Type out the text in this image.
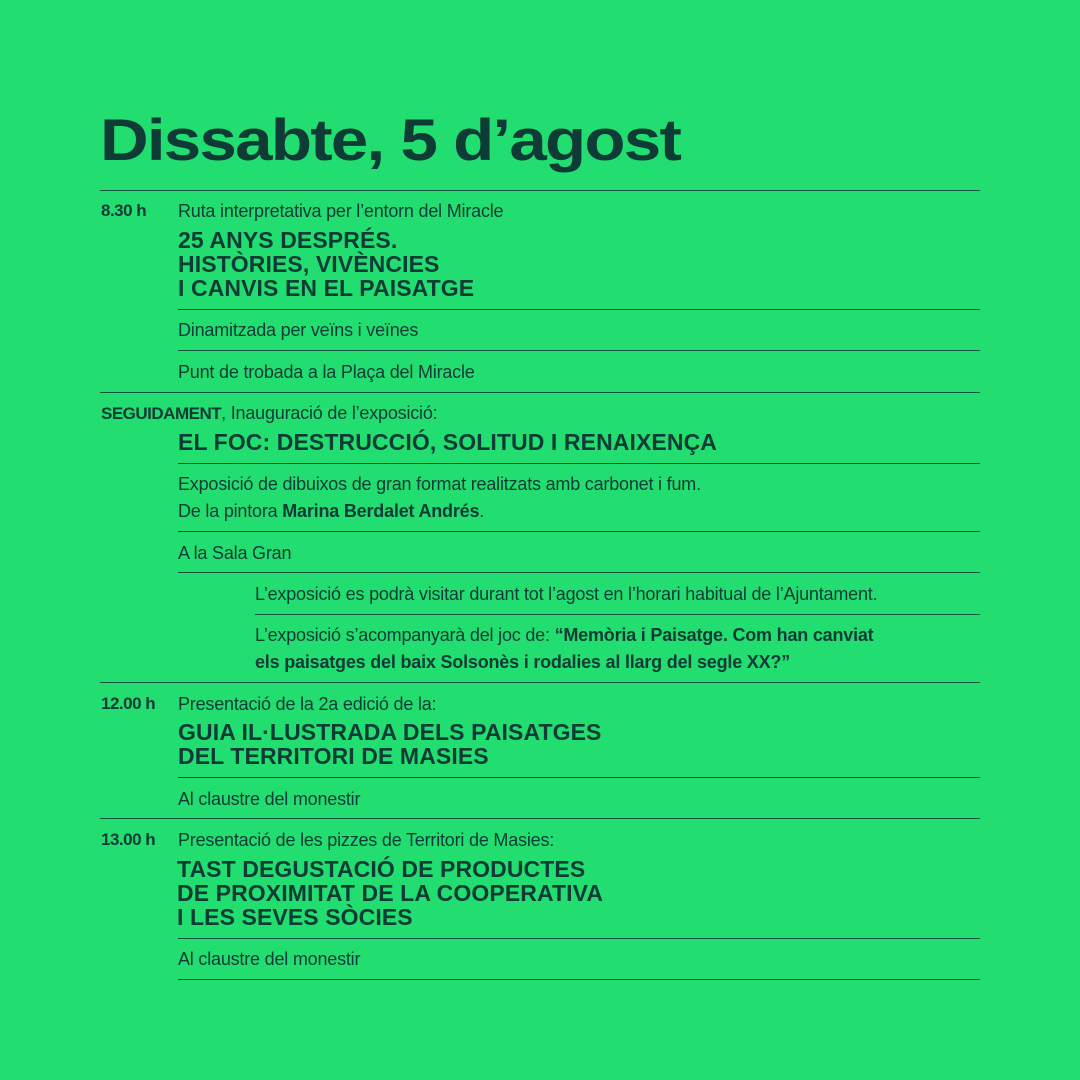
Dissabte, 5 d’agost
8.30 h Ruta interpretativa per l’entorn del Miracle
25 ANYS DESPRÉS.
HISTÒRIES, VIVÈNCIES
I CANVIS EN EL PAISATGE
Dinamitzada per veïns i veïnes
Punt de trobada a la Plaça del Miracle
SEGUIDAMENT, Inauguració de l’exposició:
EL FOC: DESTRUCCIÓ, SOLITUD I RENAIXENÇA
Exposició de dibuixos de gran format realitzats amb carbonet i fum.
De la pintora Marina Berdalet Andrés.
A la Sala Gran
L’exposició es podrà visitar durant tot l’agost en l’horari habitual de l’Ajuntament.
L’exposició s’acompanyarà del joc de: “Memòria i Paisatge. Com han canviat
els paisatges del baix Solsonès i rodalies al llarg del segle XX?”
12.00 h Presentació de la 2a edició de la:
GUIA IL·LUSTRADA DELS PAISATGES
DEL TERRITORI DE MASIES
Al claustre del monestir
13.00 h Presentació de les pizzes de Territori de Masies:
TAST DEGUSTACIÓ DE PRODUCTES
DE PROXIMITAT DE LA COOPERATIVA
I LES SEVES SÒCIES
Al claustre del monestir
